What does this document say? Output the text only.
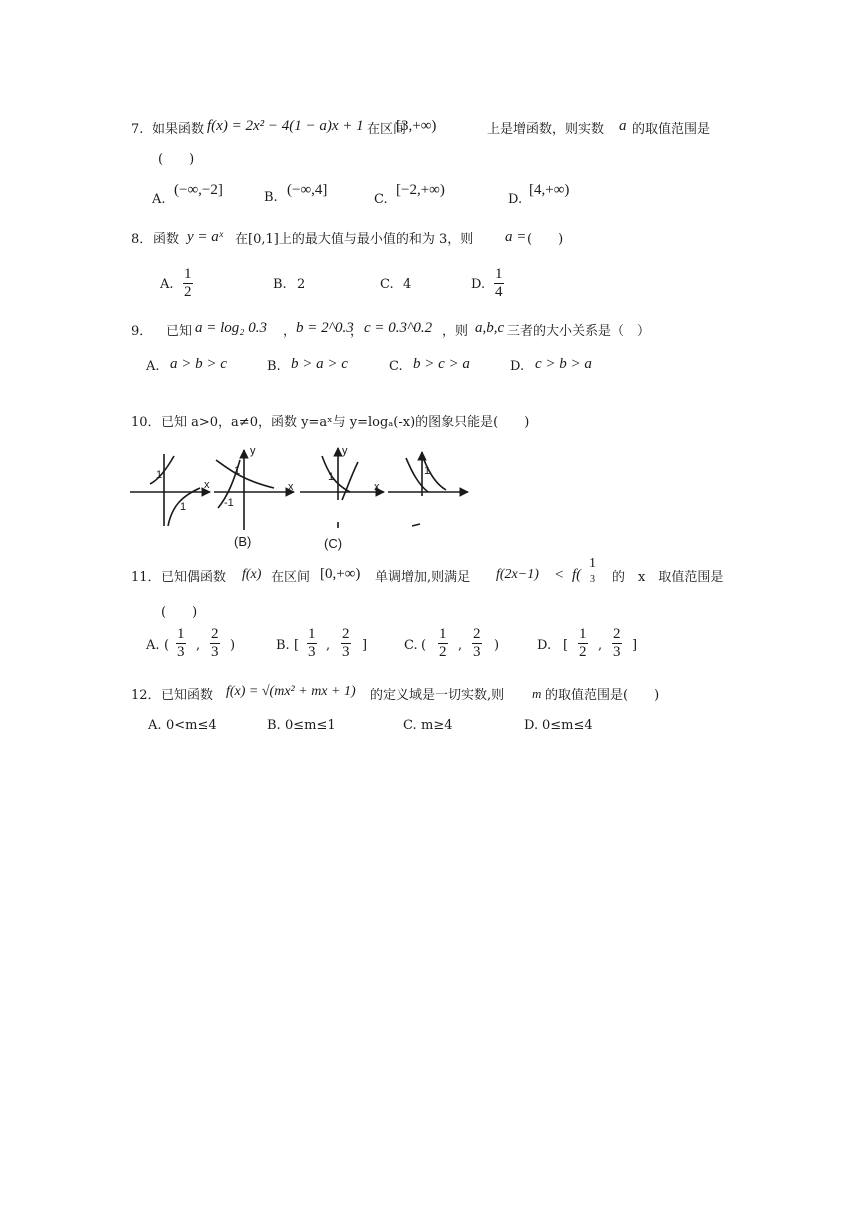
7. 如果函数 f(x) = 2x² − 4(1 − a)x + 1 在区间
[3,+∞)	上是增函数，则实数 a 的取值范围是
(　　)
A.
(−∞,−2]	B. (−∞,4]
C.
[−2,+∞)
D.
[4,+∞)
8． 函数 y = aˣ 在[0,1]上的最大值与最小值的和为 3，则 a = (　　)
A. $\frac{1}{2}$	B. 2	C. 4	D. $\frac{1}{4}$
9． 已知 a = log₂ 0.3 ， b = 2^0.3
， c = 0.3^0.2 ，则 a,b,c 三者的大小关系是（　）
A. a > b > c	B. b > a > c	C. b > c > a	D. c > b > a
10． 已知 a>0，a≠0，函数 y=aˣ与 y=logₐ(-x)的图象只能是(　　)
1
1
x
1
-1
y
x
(B)
1
y
x
(C)
1
11． 已知偶函数 f(x) 在区间 [0,+∞) 单调增加,则满足 f(2x−1) < f(
1
3 的　x　取值范围是
(　　)
A. ( $\frac{1}{3}$ , $\frac{2}{3}$ )	B. [ $\frac{1}{3}$ , $\frac{2}{3}$ ]	C. ( $\frac{1}{2}$ , $\frac{2}{3}$ )	D. [ $\frac{1}{2}$ , $\frac{2}{3}$ ]
12． 已知函数 f(x) = √(mx² + mx + 1) 的定义域是一切实数,则 m 的取值范围是(　　)
A. 0<m≤4	B. 0≤m≤1	C. m≥4	D. 0≤m≤4
